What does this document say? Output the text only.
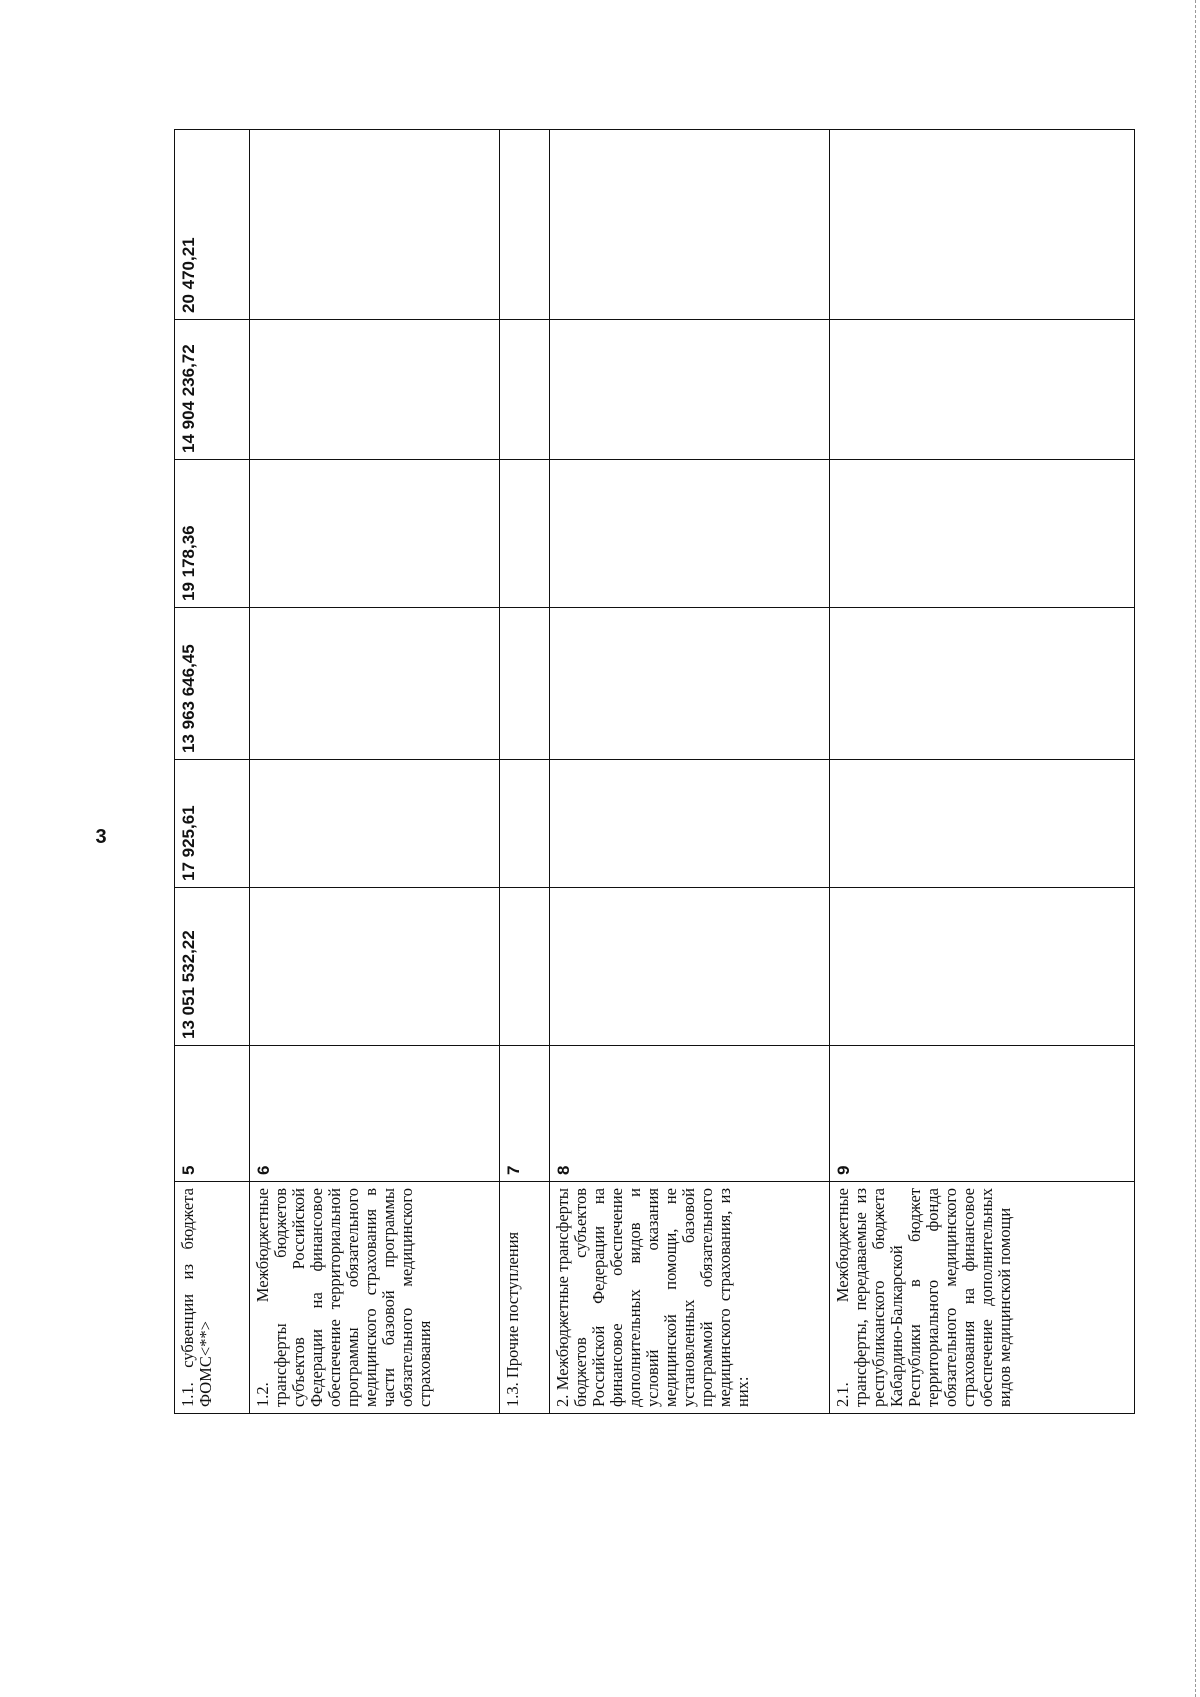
3
1.1. субвенции из бюджета ФОМС<**>	5	13 051 532,22	17 925,61	13 963 646,45	19 178,36	14 904 236,72	20 470,21
1.2. Межбюджетные трансферты бюджетов субъектов Российской Федерации на финансовое обеспечение территориальной программы обязательного медицинского страхования в части базовой программы обязательного медицинского страхования	6						
1.3. Прочие поступления	7						
2. Межбюджетные трансферты бюджетов субъектов Российской Федерации на финансовое обеспечение дополнительных видов и условий оказания медицинской помощи, не установленных базовой программой обязательного медицинского страхования, из них:	8						
2.1. Межбюджетные трансферты, передаваемые из республиканского бюджета Кабардино-Балкарской Республики в бюджет территориального фонда обязательного медицинского страхования на финансовое обеспечение дополнительных видов медицинской помощи	9						
